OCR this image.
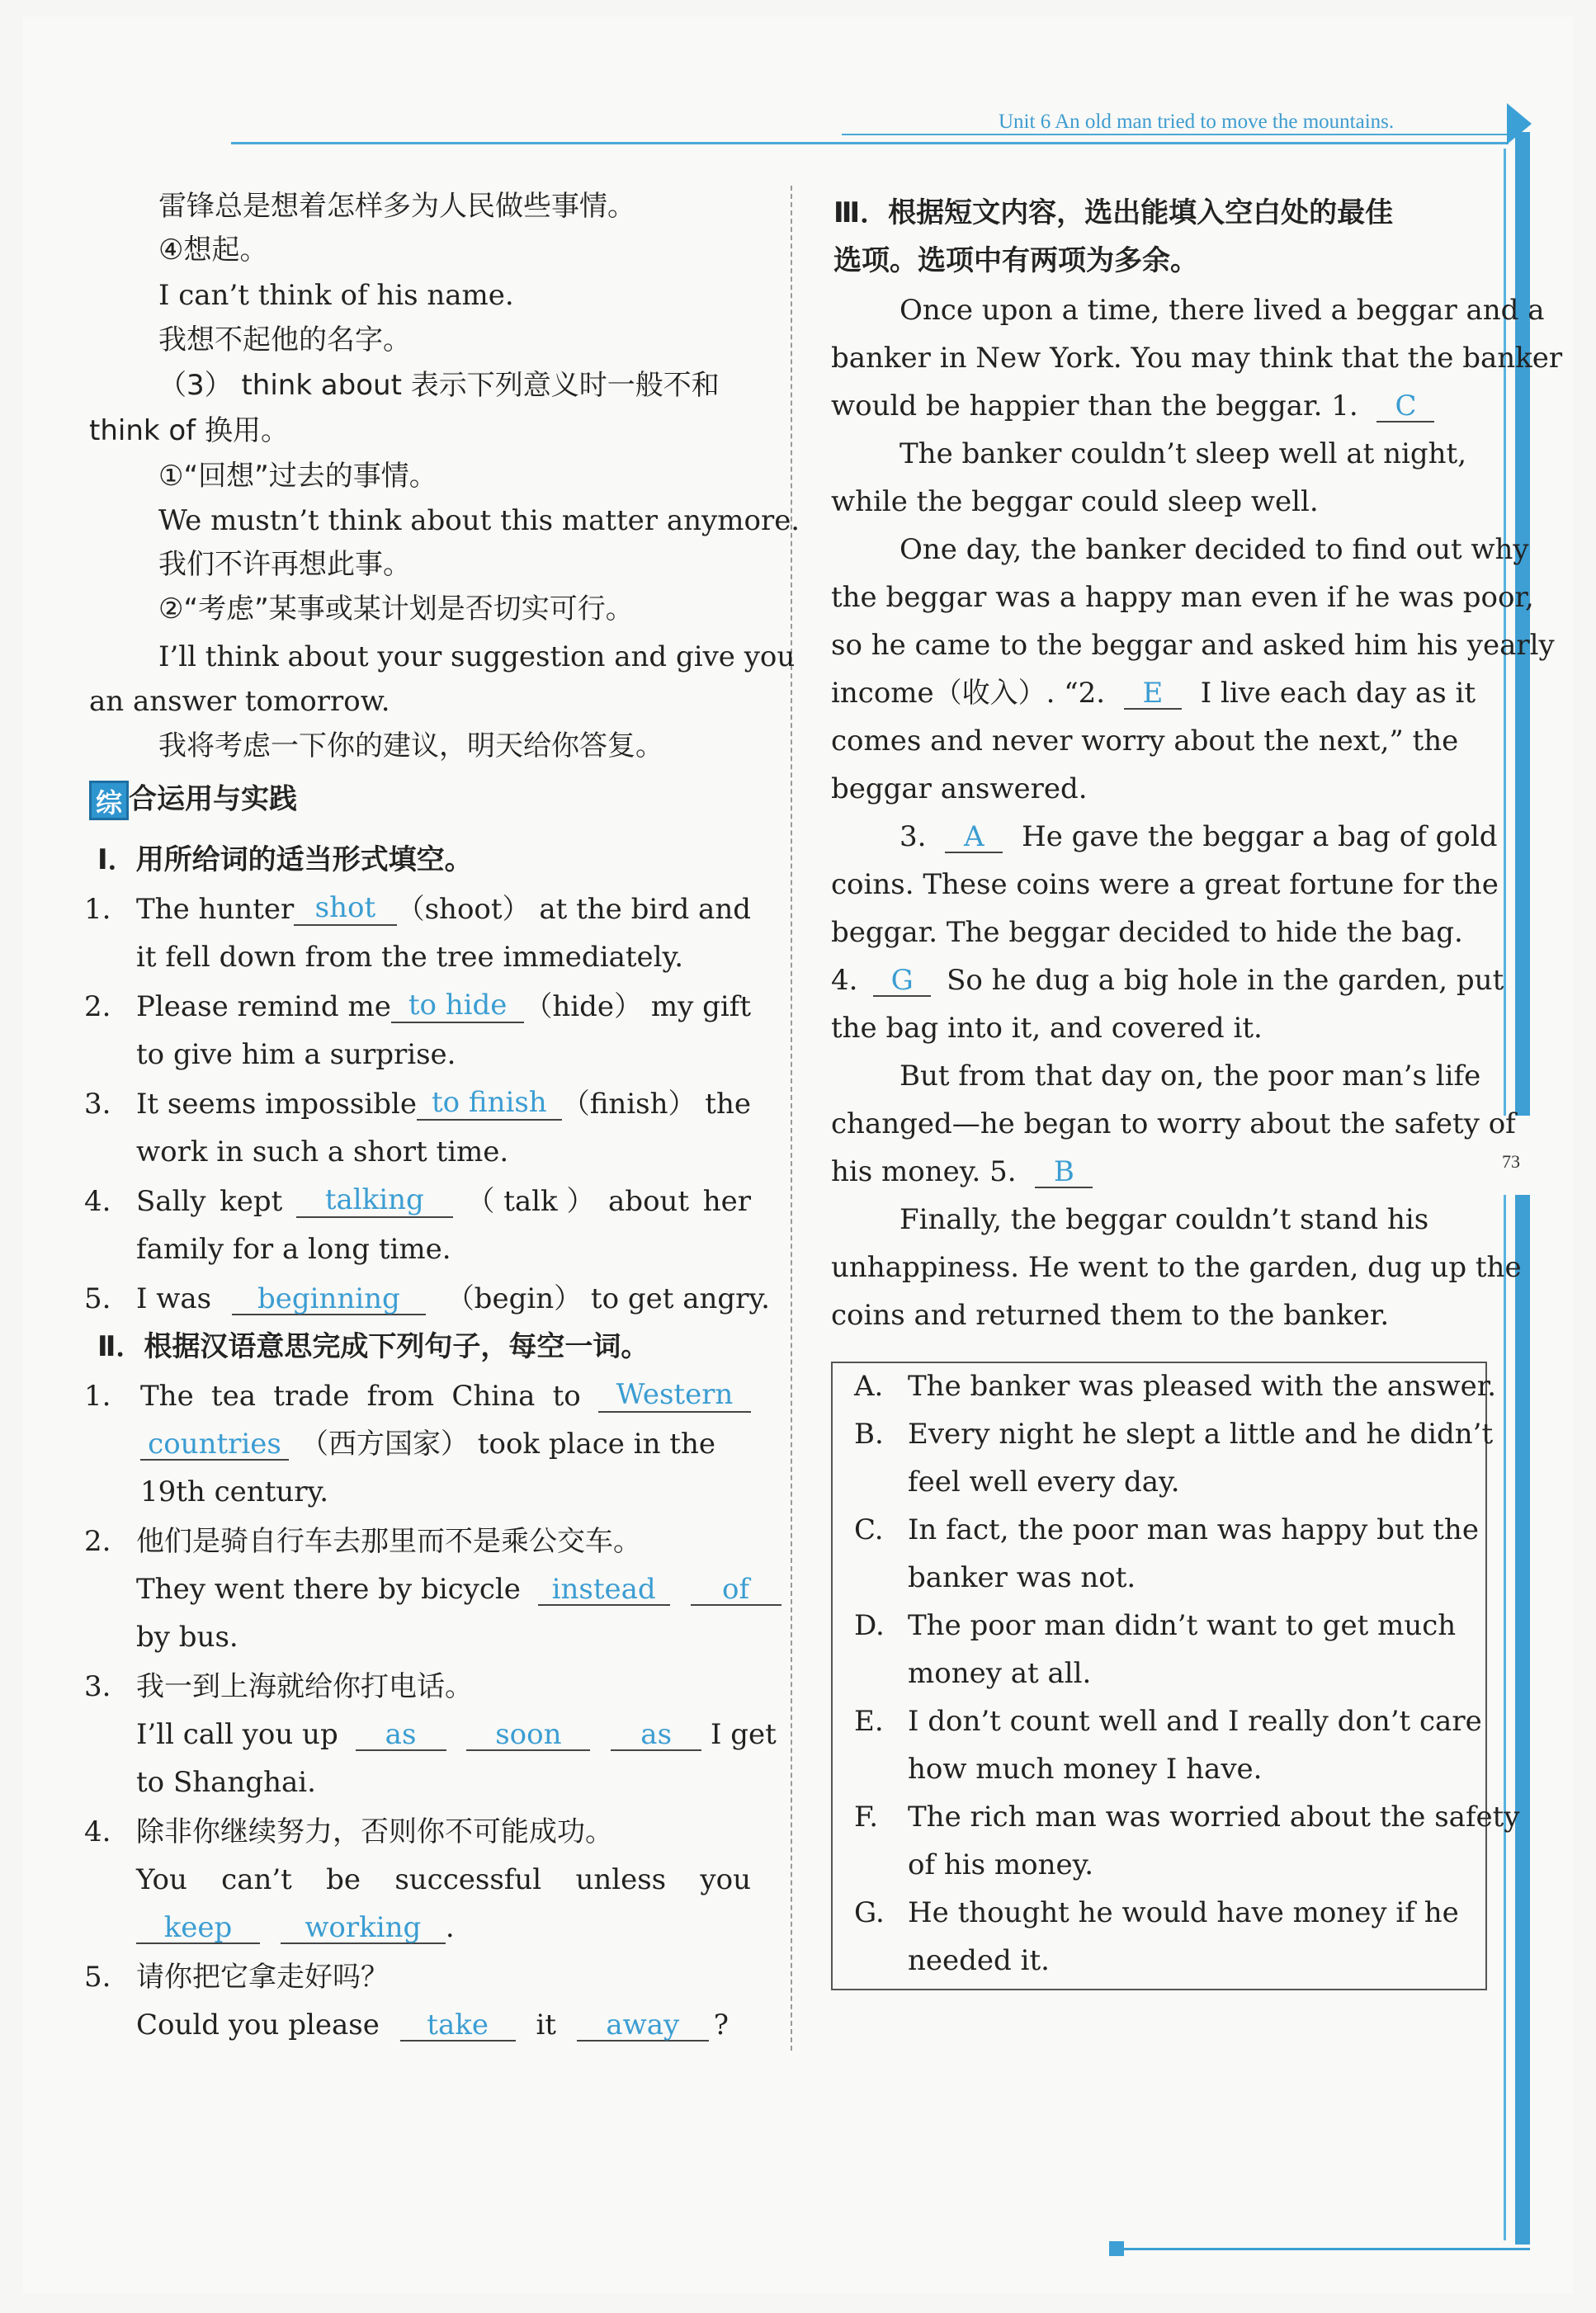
Unit 6 An old man tried to move the mountains.
73
雷锋总是想着怎样多为人民做些事情。
④想起。
I can’t think of his name.
我想不起他的名字。
（3） think about 表示下列意义时一般不和
think of 换用。
①“回想”过去的事情。
We mustn’t think about this matter anymore.
我们不许再想此事。
②“考虑”某事或某计划是否切实可行。
I’ll think about your suggestion and give you
an answer tomorrow.
我将考虑一下你的建议，明天给你答复。
综 合运用与实践
Ⅰ．用所给词的适当形式填空。
1. The hunter shot （shoot） at the bird and
it fell down from the tree immediately.
2. Please remind me to hide （hide） my gift
to give him a surprise.
3. It seems impossible to finish （finish） the
work in such a short time.
4. Sally kept	talking	（ talk ） about her
family for a long time.
5. I was beginning （begin） to get angry.
Ⅱ．根据汉语意思完成下列句子，每空一词。
1. The tea trade from China to	Western
countries （西方国家） took place in the
19th century.
2. 他们是骑自行车去那里而不是乘公交车。
They went there by bicycle instead of
by bus.
3. 我一到上海就给你打电话。
I’ll call you up as	soon	as I get
to Shanghai.
4. 除非你继续努力，否则你不可能成功。
You can’t be successful unless you
keep	working .
5. 请你把它拿走好吗？
Could you please take it away ?
Ⅲ．根据短文内容，选出能填入空白处的最佳
选项。选项中有两项为多余。
Once upon a time, there lived a beggar and a
banker in New York. You may think that the banker
would be happier than the beggar. 1. C
The banker couldn’t sleep well at night,
while the beggar could sleep well.
One day, the banker decided to find out why
the beggar was a happy man even if he was poor,
so he came to the beggar and asked him his yearly
income（收入）. “2. E I live each day as it
comes and never worry about the next,” the
beggar answered.
3. A He gave the beggar a bag of gold
coins. These coins were a great fortune for the
beggar. The beggar decided to hide the bag.
4. G So he dug a big hole in the garden, put
the bag into it, and covered it.
But from that day on, the poor man’s life
changed—he began to worry about the safety of
his money. 5. B
Finally, the beggar couldn’t stand his
unhappiness. He went to the garden, dug up the
coins and returned them to the banker.
A. The banker was pleased with the answer.
B. Every night he slept a little and he didn’t
feel well every day.
C. In fact, the poor man was happy but the
banker was not.
D. The poor man didn’t want to get much
money at all.
E. I don’t count well and I really don’t care
how much money I have.
F. The rich man was worried about the safety
of his money.
G. He thought he would have money if he
needed it.
